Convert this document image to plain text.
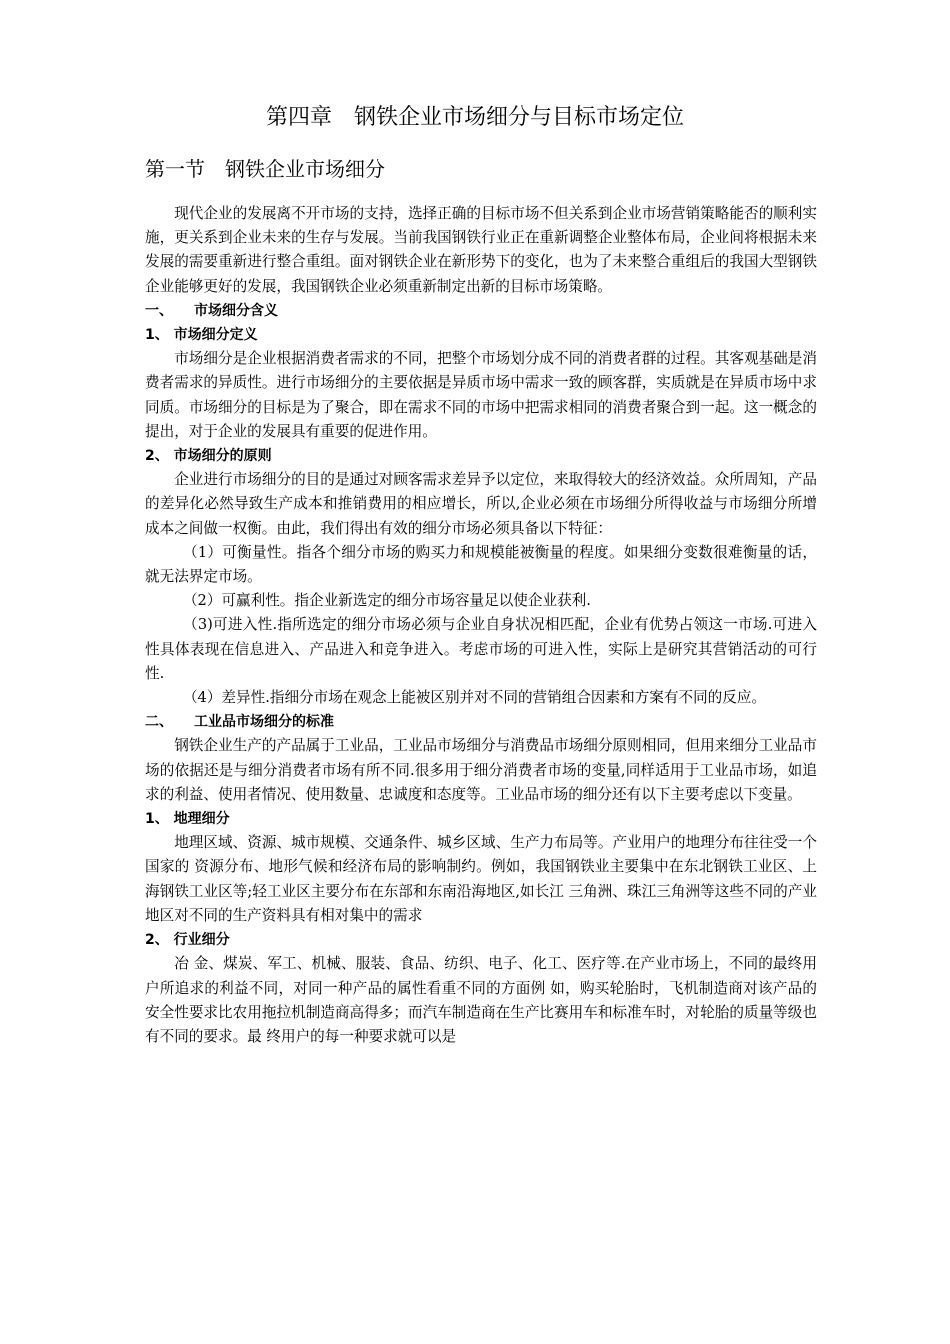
第四章　钢铁企业市场细分与目标市场定位
第一节　钢铁企业市场细分

现代企业的发展离不开市场的支持，选择正确的目标市场不但关系到企业市场营销策略能否的顺利实施，更关系到企业未来的生存与发展。当前我国钢铁行业正在重新调整企业整体布局，企业间将根据未来发展的需要重新进行整合重组。面对钢铁企业在新形势下的变化，也为了未来整合重组后的我国大型钢铁企业能够更好的发展，我国钢铁企业必须重新制定出新的目标市场策略。

一、　　市场细分含义

1、 市场细分定义

市场细分是企业根据消费者需求的不同，把整个市场划分成不同的消费者群的过程。其客观基础是消费者需求的异质性。进行市场细分的主要依据是异质市场中需求一致的顾客群，实质就是在异质市场中求同质。市场细分的目标是为了聚合，即在需求不同的市场中把需求相同的消费者聚合到一起。这一概念的提出，对于企业的发展具有重要的促进作用。

2、 市场细分的原则

企业进行市场细分的目的是通过对顾客需求差异予以定位，来取得较大的经济效益。众所周知，产品的差异化必然导致生产成本和推销费用的相应增长，所以,企业必须在市场细分所得收益与市场细分所增成本之间做一权衡。由此，我们得出有效的细分市场必须具备以下特征：

（1）可衡量性。指各个细分市场的购买力和规模能被衡量的程度。如果细分变数很难衡量的话，就无法界定市场。

（2）可赢利性。指企业新选定的细分市场容量足以使企业获利.

（3)可进入性.指所选定的细分市场必须与企业自身状况相匹配，企业有优势占领这一市场.可进入性具体表现在信息进入、产品进入和竞争进入。考虑市场的可进入性，实际上是研究其营销活动的可行性.

（4）差异性.指细分市场在观念上能被区别并对不同的营销组合因素和方案有不同的反应。

二、　　工业品市场细分的标准

钢铁企业生产的产品属于工业品，工业品市场细分与消费品市场细分原则相同，但用来细分工业品市场的依据还是与细分消费者市场有所不同.很多用于细分消费者市场的变量,同样适用于工业品市场，如追求的利益、使用者情况、使用数量、忠诚度和态度等。工业品市场的细分还有以下主要考虑以下变量。

1、 地理细分

地理区域、资源、城市规模、交通条件、城乡区域、生产力布局等。产业用户的地理分布往往受一个国家的 资源分布、地形气候和经济布局的影响制约。例如，我国钢铁业主要集中在东北钢铁工业区、上海钢铁工业区等;轻工业区主要分布在东部和东南沿海地区,如长江 三角洲、珠江三角洲等这些不同的产业地区对不同的生产资料具有相对集中的需求

2、 行业细分

冶 金、煤炭、军工、机械、服装、食品、纺织、电子、化工、医疗等.在产业市场上，不同的最终用户所追求的利益不同，对同一种产品的属性看重不同的方面例 如，购买轮胎时，飞机制造商对该产品的安全性要求比农用拖拉机制造商高得多；而汽车制造商在生产比赛用车和标准车时，对轮胎的质量等级也有不同的要求。最 终用户的每一种要求就可以是
